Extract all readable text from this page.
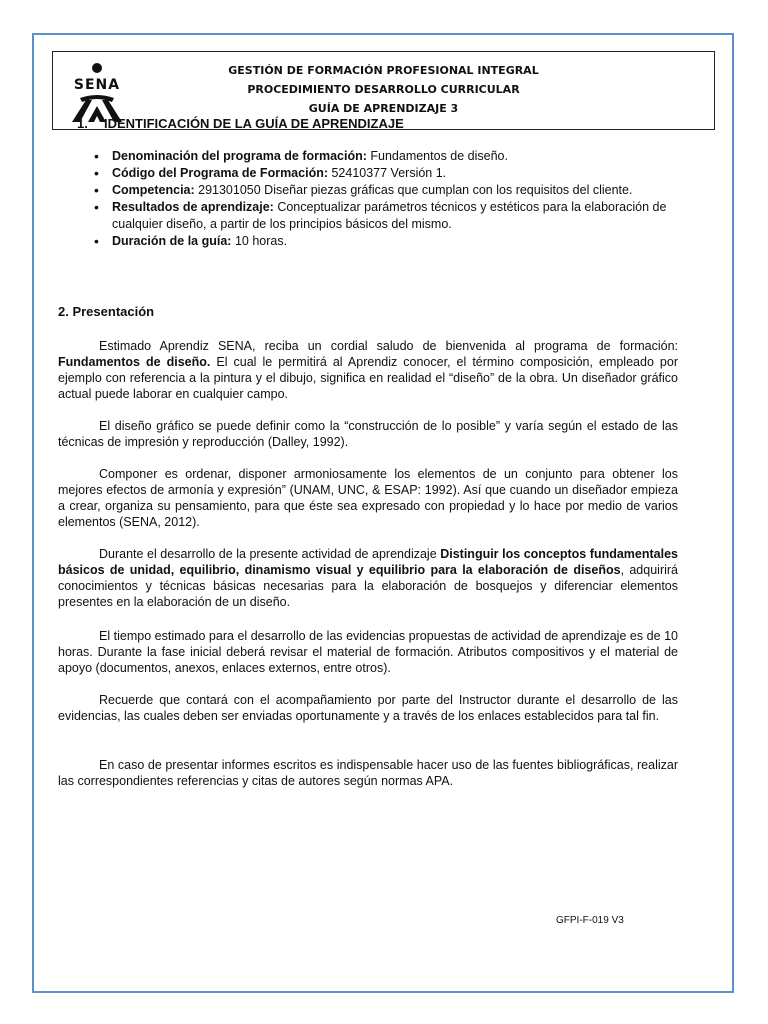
SENA
GESTIÓN DE FORMACIÓN PROFESIONAL INTEGRAL
PROCEDIMIENTO DESARROLLO CURRICULAR
GUÍA DE APRENDIZAJE 3
1. IDENTIFICACIÓN DE LA GUÍA DE APRENDIZAJE
• Denominación del programa de formación: Fundamentos de diseño.
• Código del Programa de Formación: 52410377 Versión 1.
• Competencia: 291301050 Diseñar piezas gráficas que cumplan con los requisitos del cliente.
• Resultados de aprendizaje: Conceptualizar parámetros técnicos y estéticos para la elaboración de cualquier diseño, a partir de los principios básicos del mismo.
• Duración de la guía: 10 horas.
2. Presentación

Estimado Aprendiz SENA, reciba un cordial saludo de bienvenida al programa de formación: Fundamentos de diseño. El cual le permitirá al Aprendiz conocer, el término composición, empleado por ejemplo con referencia a la pintura y el dibujo, significa en realidad el “diseño” de la obra. Un diseñador gráfico actual puede laborar en cualquier campo.

El diseño gráfico se puede definir como la “construcción de lo posible” y varía según el estado de las técnicas de impresión y reproducción (Dalley, 1992).

Componer es ordenar, disponer armoniosamente los elementos de un conjunto para obtener los mejores efectos de armonía y expresión” (UNAM, UNC, & ESAP: 1992). Así que cuando un diseñador empieza a crear, organiza su pensamiento, para que éste sea expresado con propiedad y lo hace por medio de varios elementos (SENA, 2012).

Durante el desarrollo de la presente actividad de aprendizaje Distinguir los conceptos fundamentales básicos de unidad, equilibrio, dinamismo visual y equilibrio para la elaboración de diseños, adquirirá conocimientos y técnicas básicas necesarias para la elaboración de bosquejos y diferenciar elementos presentes en la elaboración de un diseño.

El tiempo estimado para el desarrollo de las evidencias propuestas de actividad de aprendizaje es de 10 horas. Durante la fase inicial deberá revisar el material de formación. Atributos compositivos y el material de apoyo (documentos, anexos, enlaces externos, entre otros).

Recuerde que contará con el acompañamiento por parte del Instructor durante el desarrollo de las evidencias, las cuales deben ser enviadas oportunamente y a través de los enlaces establecidos para tal fin.

En caso de presentar informes escritos es indispensable hacer uso de las fuentes bibliográficas, realizar las correspondientes referencias y citas de autores según normas APA.

GFPI-F-019 V3
